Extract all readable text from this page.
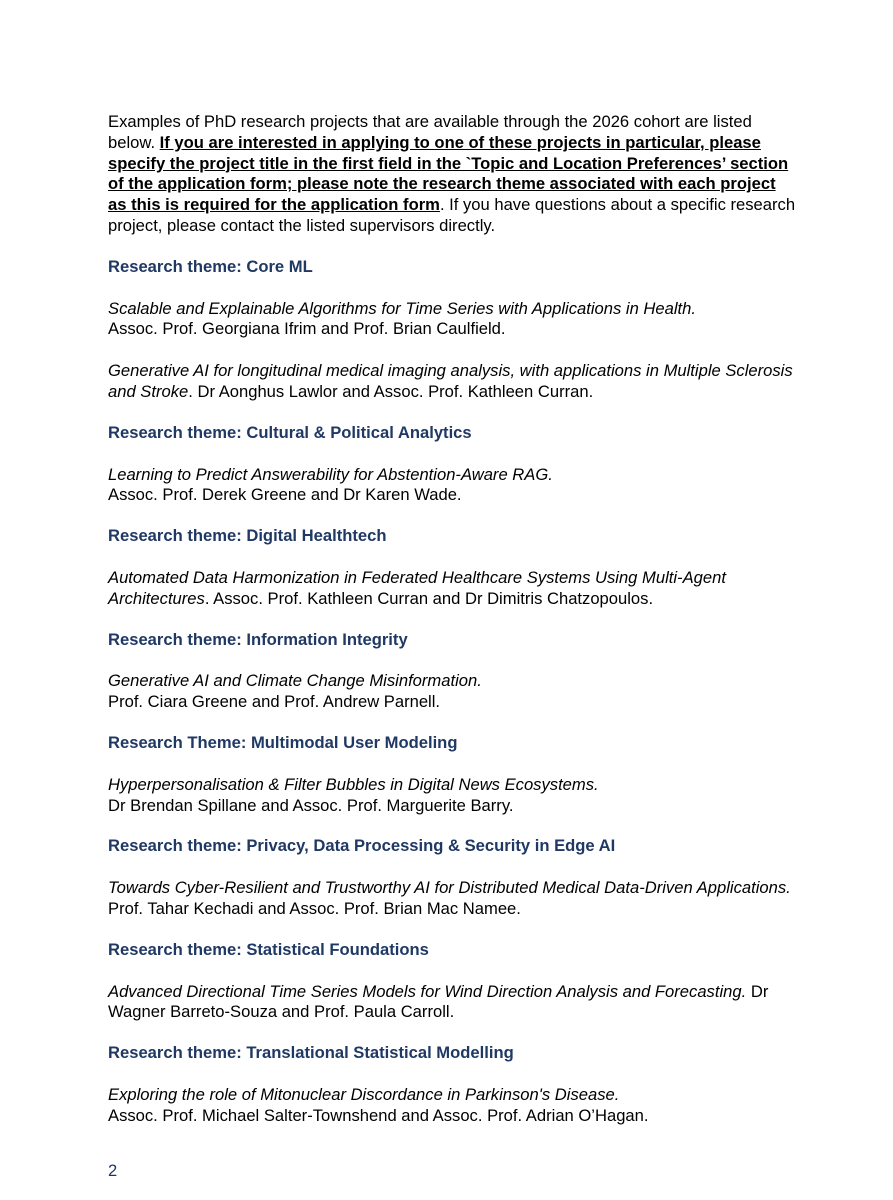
Examples of PhD research projects that are available through the 2026 cohort are listed below. If you are interested in applying to one of these projects in particular, please specify the project title in the first field in the `Topic and Location Preferences’ section of the application form; please note the research theme associated with each project as this is required for the application form. If you have questions about a specific research project, please contact the listed supervisors directly.

Research theme: Core ML

Scalable and Explainable Algorithms for Time Series with Applications in Health.
Assoc. Prof. Georgiana Ifrim and Prof. Brian Caulfield.

Generative AI for longitudinal medical imaging analysis, with applications in Multiple Sclerosis and Stroke. Dr Aonghus Lawlor and Assoc. Prof. Kathleen Curran.

Research theme: Cultural & Political Analytics

Learning to Predict Answerability for Abstention-Aware RAG.
Assoc. Prof. Derek Greene and Dr Karen Wade.

Research theme: Digital Healthtech

Automated Data Harmonization in Federated Healthcare Systems Using Multi-Agent Architectures. Assoc. Prof. Kathleen Curran and Dr Dimitris Chatzopoulos.

Research theme: Information Integrity

Generative AI and Climate Change Misinformation.
Prof. Ciara Greene and Prof. Andrew Parnell.

Research Theme: Multimodal User Modeling

Hyperpersonalisation & Filter Bubbles in Digital News Ecosystems.
Dr Brendan Spillane and Assoc. Prof. Marguerite Barry.

Research theme: Privacy, Data Processing & Security in Edge AI

Towards Cyber-Resilient and Trustworthy AI for Distributed Medical Data-Driven Applications. Prof. Tahar Kechadi and Assoc. Prof. Brian Mac Namee.

Research theme: Statistical Foundations

Advanced Directional Time Series Models for Wind Direction Analysis and Forecasting. Dr Wagner Barreto-Souza and Prof. Paula Carroll.

Research theme: Translational Statistical Modelling

Exploring the role of Mitonuclear Discordance in Parkinson's Disease.
Assoc. Prof. Michael Salter-Townshend and Assoc. Prof. Adrian O’Hagan.

2
